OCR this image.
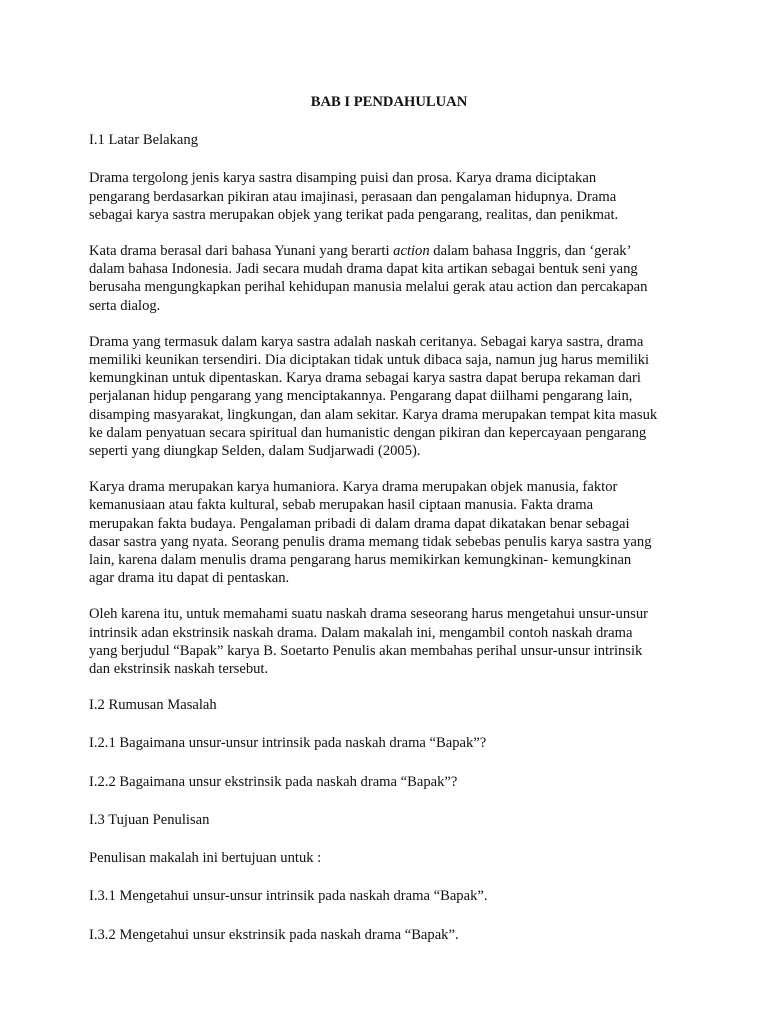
BAB I PENDAHULUAN
I.1 Latar Belakang
Drama tergolong jenis karya sastra disamping puisi dan prosa. Karya drama diciptakan
pengarang berdasarkan pikiran atau imajinasi, perasaan dan pengalaman hidupnya. Drama
sebagai karya sastra merupakan objek yang terikat pada pengarang, realitas, dan penikmat.
Kata drama berasal dari bahasa Yunani yang berarti action dalam bahasa Inggris, dan ‘gerak’
dalam bahasa Indonesia. Jadi secara mudah drama dapat kita artikan sebagai bentuk seni yang
berusaha mengungkapkan perihal kehidupan manusia melalui gerak atau action dan percakapan
serta dialog.
Drama yang termasuk dalam karya sastra adalah naskah ceritanya. Sebagai karya sastra, drama
memiliki keunikan tersendiri. Dia diciptakan tidak untuk dibaca saja, namun jug harus memiliki
kemungkinan untuk dipentaskan. Karya drama sebagai karya sastra dapat berupa rekaman dari
perjalanan hidup pengarang yang menciptakannya. Pengarang dapat diilhami pengarang lain,
disamping masyarakat, lingkungan, dan alam sekitar. Karya drama merupakan tempat kita masuk
ke dalam penyatuan secara spiritual dan humanistic dengan pikiran dan kepercayaan pengarang
seperti yang diungkap Selden, dalam Sudjarwadi (2005).
Karya drama merupakan karya humaniora. Karya drama merupakan objek manusia, faktor
kemanusiaan atau fakta kultural, sebab merupakan hasil ciptaan manusia. Fakta drama
merupakan fakta budaya. Pengalaman pribadi di dalam drama dapat dikatakan benar sebagai
dasar sastra yang nyata. Seorang penulis drama memang tidak sebebas penulis karya sastra yang
lain, karena dalam menulis drama pengarang harus memikirkan kemungkinan- kemungkinan
agar drama itu dapat di pentaskan.
Oleh karena itu, untuk memahami suatu naskah drama seseorang harus mengetahui unsur-unsur
intrinsik adan ekstrinsik naskah drama. Dalam makalah ini, mengambil contoh naskah drama
yang berjudul “Bapak” karya B. Soetarto Penulis akan membahas perihal unsur-unsur intrinsik
dan ekstrinsik naskah tersebut.
I.2 Rumusan Masalah
I.2.1 Bagaimana unsur-unsur intrinsik pada naskah drama “Bapak”?
I.2.2 Bagaimana unsur ekstrinsik pada naskah drama “Bapak”?
I.3 Tujuan Penulisan
Penulisan makalah ini bertujuan untuk :
I.3.1 Mengetahui unsur-unsur intrinsik pada naskah drama “Bapak”.
I.3.2 Mengetahui unsur ekstrinsik pada naskah drama “Bapak”.
